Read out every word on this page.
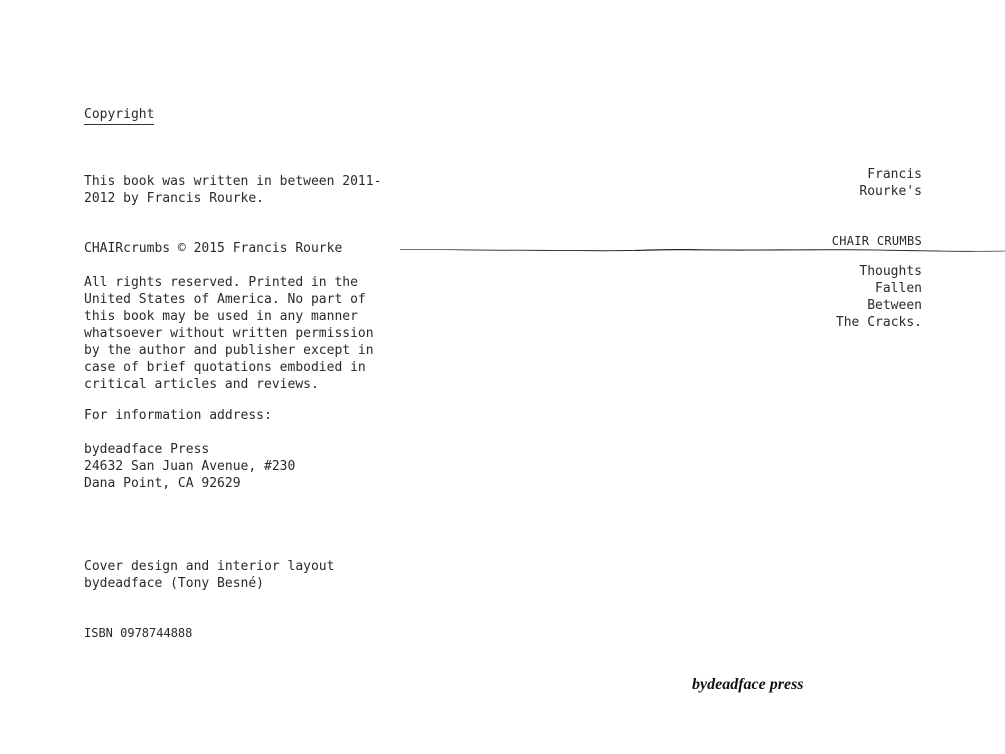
Copyright

This book was written in between 2011-
2012 by Francis Rourke.

CHAIRcrumbs © 2015 Francis Rourke

All rights reserved. Printed in the
United States of America. No part of
this book may be used in any manner
whatsoever without written permission
by the author and publisher except in
case of brief quotations embodied in
critical articles and reviews.

For information address:

bydeadface Press
24632 San Juan Avenue, #230
Dana Point, CA 92629

Cover design and interior layout
bydeadface (Tony Besné)

ISBN 0978744888

Francis
Rourke's

CHAIR CRUMBS

Thoughts
Fallen
Between
The Cracks.

bydeadface press
